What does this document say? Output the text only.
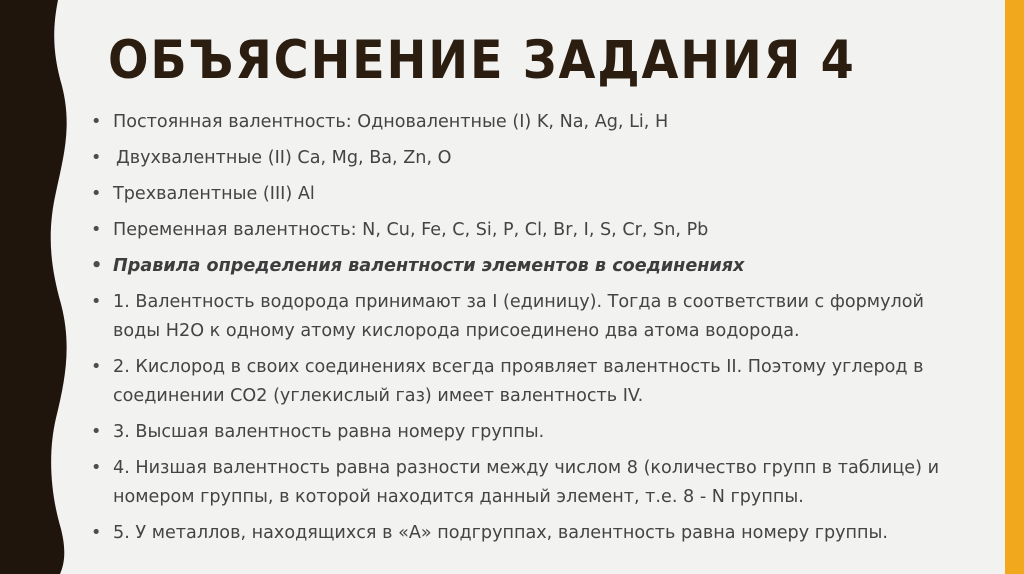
ОБЪЯСНЕНИЕ ЗАДАНИЯ 4
• Постоянная валентность: Одновалентные (I) K, Na, Ag, Li, H
• Двухвалентные (II) Ca, Mg, Ba, Zn, O
• Трехвалентные (III) Al
• Переменная валентность: N, Cu, Fe, C, Si, P, Cl, Br, I, S, Cr, Sn, Pb
• Правила определения валентности элементов в соединениях
• 1. Валентность водорода принимают за I (единицу). Тогда в соответствии с формулой воды H2O к одному атому кислорода присоединено два атома водорода.
• 2. Кислород в своих соединениях всегда проявляет валентность II. Поэтому углерод в соединении CO2 (углекислый газ) имеет валентность IV.
• 3. Высшая валентность равна номеру группы.
• 4. Низшая валентность равна разности между числом 8 (количество групп в таблице) и номером группы, в которой находится данный элемент, т.е. 8 - N группы.
• 5. У металлов, находящихся в «А» подгруппах, валентность равна номеру группы.
